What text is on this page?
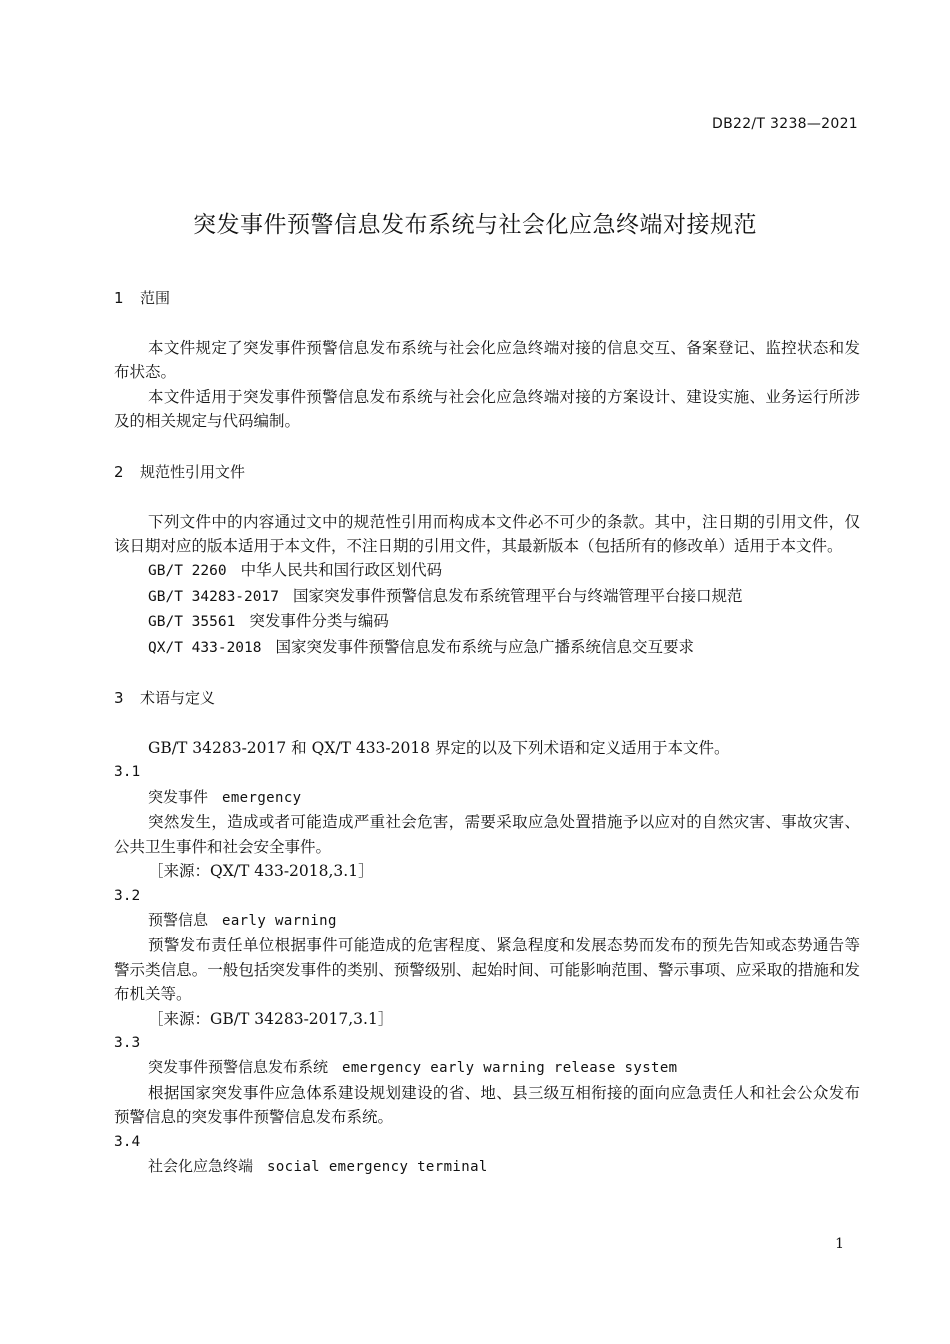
DB22/T 3238—2021
突发事件预警信息发布系统与社会化应急终端对接规范
1 范围

本文件规定了突发事件预警信息发布系统与社会化应急终端对接的信息交互、备案登记、监控状态和发布状态。

本文件适用于突发事件预警信息发布系统与社会化应急终端对接的方案设计、建设实施、业务运行所涉及的相关规定与代码编制。

2 规范性引用文件

下列文件中的内容通过文中的规范性引用而构成本文件必不可少的条款。其中，注日期的引用文件，仅该日期对应的版本适用于本文件，不注日期的引用文件，其最新版本（包括所有的修改单）适用于本文件。

GB/T 2260 中华人民共和国行政区划代码

GB/T 34283-2017 国家突发事件预警信息发布系统管理平台与终端管理平台接口规范

GB/T 35561 突发事件分类与编码

QX/T 433-2018 国家突发事件预警信息发布系统与应急广播系统信息交互要求

3 术语与定义

GB/T 34283-2017 和 QX/T 433-2018 界定的以及下列术语和定义适用于本文件。

3.1

突发事件 emergency

突然发生，造成或者可能造成严重社会危害，需要采取应急处置措施予以应对的自然灾害、事故灾害、公共卫生事件和社会安全事件。

［来源：QX/T 433-2018,3.1］

3.2

预警信息 early warning

预警发布责任单位根据事件可能造成的危害程度、紧急程度和发展态势而发布的预先告知或态势通告等警示类信息。一般包括突发事件的类别、预警级别、起始时间、可能影响范围、警示事项、应采取的措施和发布机关等。

［来源：GB/T 34283-2017,3.1］

3.3

突发事件预警信息发布系统 emergency early warning release system

根据国家突发事件应急体系建设规划建设的省、地、县三级互相衔接的面向应急责任人和社会公众发布预警信息的突发事件预警信息发布系统。

3.4

社会化应急终端 social emergency terminal

1
